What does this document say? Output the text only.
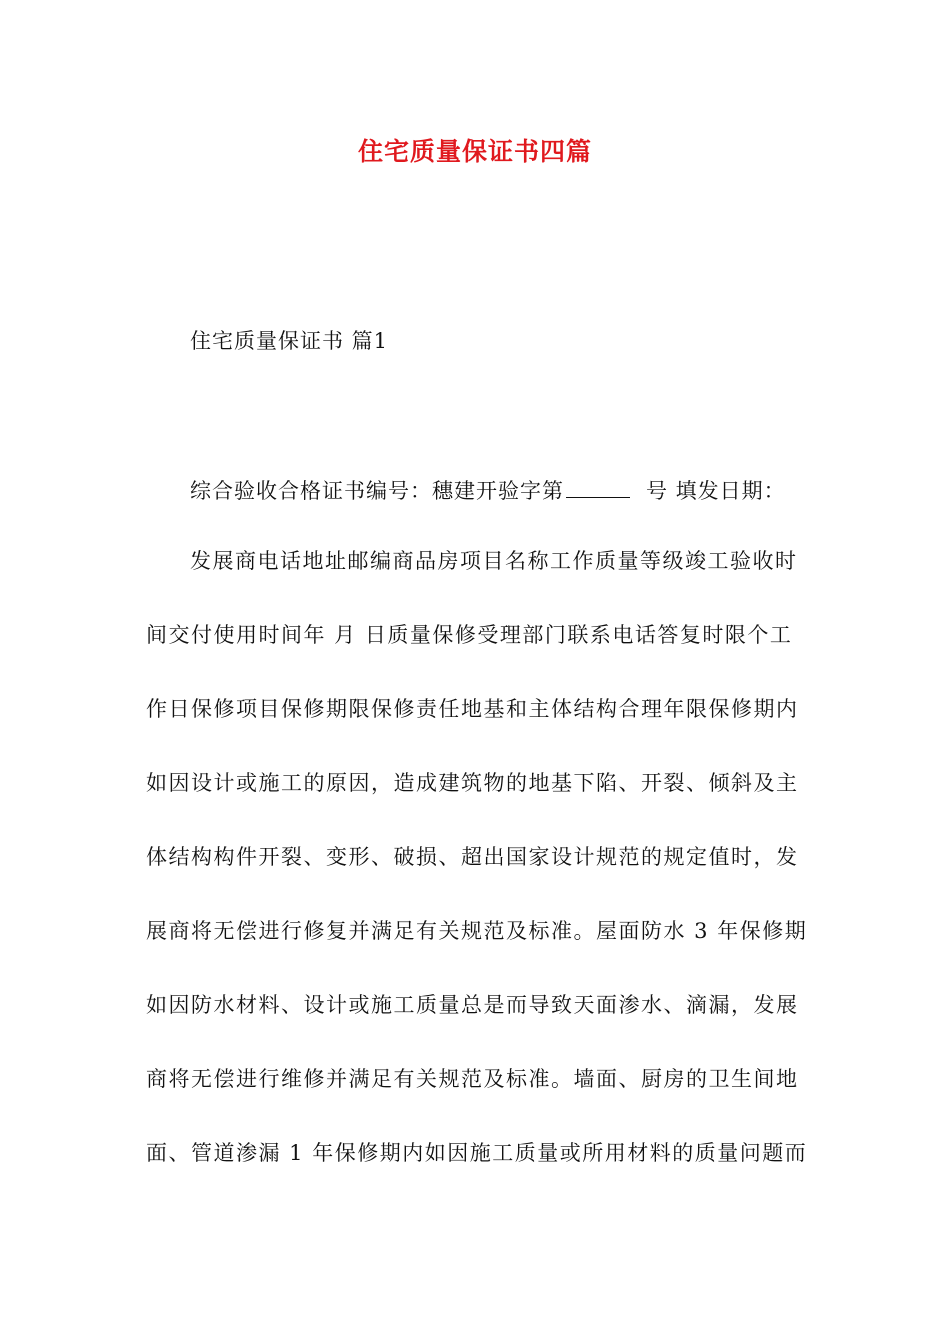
住宅质量保证书四篇
住宅质量保证书 篇1
综合验收合格证书编号：穗建开验字第	号 填发日期：
发展商电话地址邮编商品房项目名称工作质量等级竣工验收时
间交付使用时间年 月 日质量保修受理部门联系电话答复时限个工
作日保修项目保修期限保修责任地基和主体结构合理年限保修期内
如因设计或施工的原因，造成建筑物的地基下陷、开裂、倾斜及主
体结构构件开裂、变形、破损、超出国家设计规范的规定值时，发
展商将无偿进行修复并满足有关规范及标准。屋面防水 3 年保修期
如因防水材料、设计或施工质量总是而导致天面渗水、滴漏，发展
商将无偿进行维修并满足有关规范及标准。墙面、厨房的卫生间地
面、管道渗漏 1 年保修期内如因施工质量或所用材料的质量问题而
